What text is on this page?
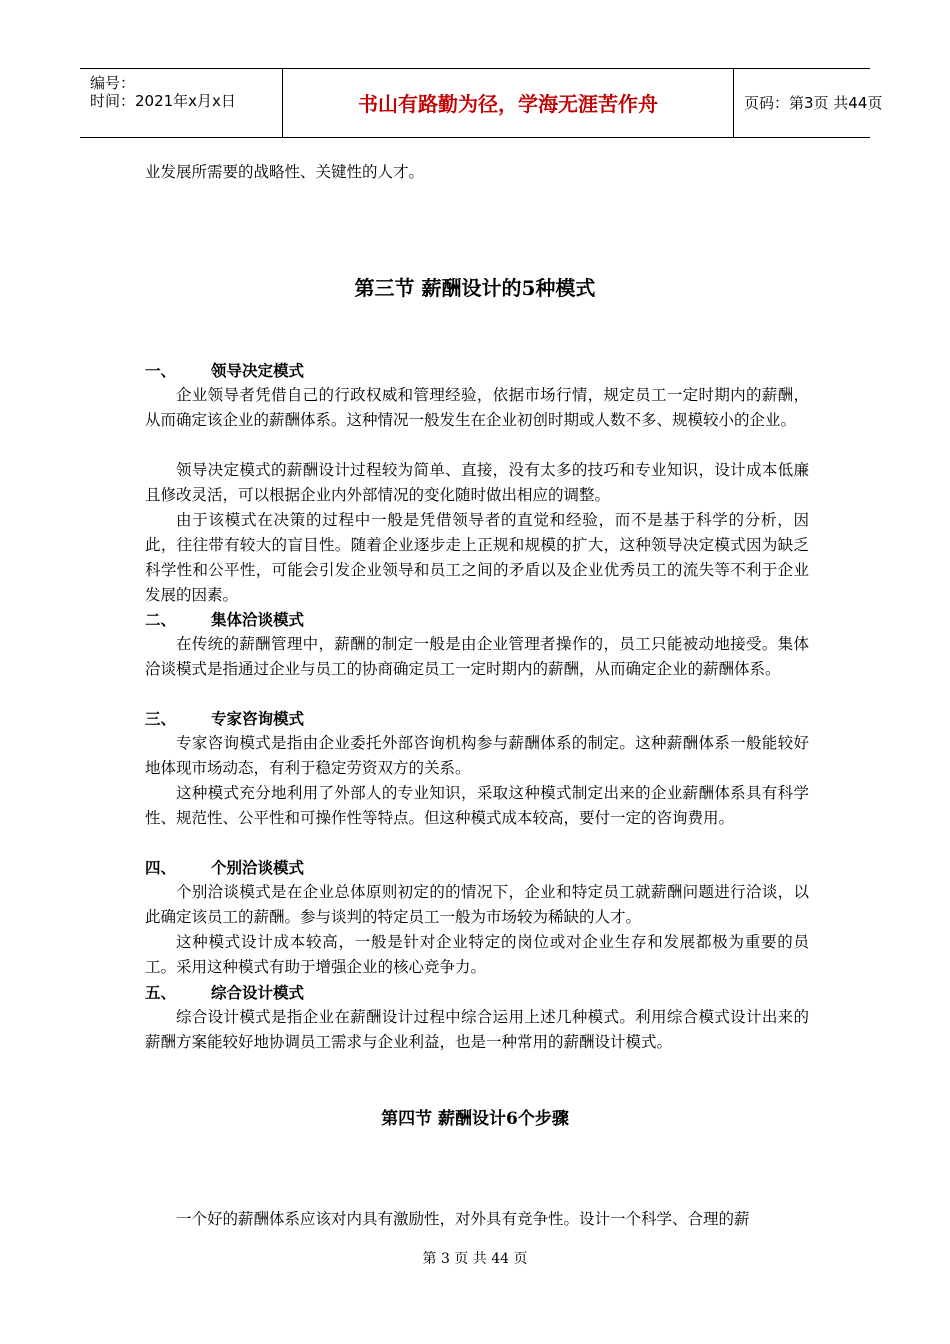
编号：
时间：2021年x月x日	书山有路勤为径，学海无涯苦作舟	页码：第3页 共44页

业发展所需要的战略性、关键性的人才。

第三节 薪酬设计的5种模式
一、 领导决定模式

企业领导者凭借自己的行政权威和管理经验，依据市场行情，规定员工一定时期内的薪酬，从而确定该企业的薪酬体系。这种情况一般发生在企业初创时期或人数不多、规模较小的企业。

领导决定模式的薪酬设计过程较为简单、直接，没有太多的技巧和专业知识，设计成本低廉且修改灵活，可以根据企业内外部情况的变化随时做出相应的调整。

由于该模式在决策的过程中一般是凭借领导者的直觉和经验，而不是基于科学的分析，因此，往往带有较大的盲目性。随着企业逐步走上正规和规模的扩大，这种领导决定模式因为缺乏科学性和公平性，可能会引发企业领导和员工之间的矛盾以及企业优秀员工的流失等不利于企业发展的因素。

二、 集体洽谈模式

在传统的薪酬管理中，薪酬的制定一般是由企业管理者操作的，员工只能被动地接受。集体洽谈模式是指通过企业与员工的协商确定员工一定时期内的薪酬，从而确定企业的薪酬体系。

三、 专家咨询模式

专家咨询模式是指由企业委托外部咨询机构参与薪酬体系的制定。这种薪酬体系一般能较好地体现市场动态，有利于稳定劳资双方的关系。

这种模式充分地利用了外部人的专业知识，采取这种模式制定出来的企业薪酬体系具有科学性、规范性、公平性和可操作性等特点。但这种模式成本较高，要付一定的咨询费用。

四、 个别洽谈模式

个别洽谈模式是在企业总体原则初定的的情况下，企业和特定员工就薪酬问题进行洽谈，以此确定该员工的薪酬。参与谈判的特定员工一般为市场较为稀缺的人才。

这种模式设计成本较高，一般是针对企业特定的岗位或对企业生存和发展都极为重要的员工。采用这种模式有助于增强企业的核心竞争力。

五、 综合设计模式

综合设计模式是指企业在薪酬设计过程中综合运用上述几种模式。利用综合模式设计出来的薪酬方案能较好地协调员工需求与企业利益，也是一种常用的薪酬设计模式。

第四节 薪酬设计6个步骤

一个好的薪酬体系应该对内具有激励性，对外具有竞争性。设计一个科学、合理的薪

第 3 页 共 44 页
